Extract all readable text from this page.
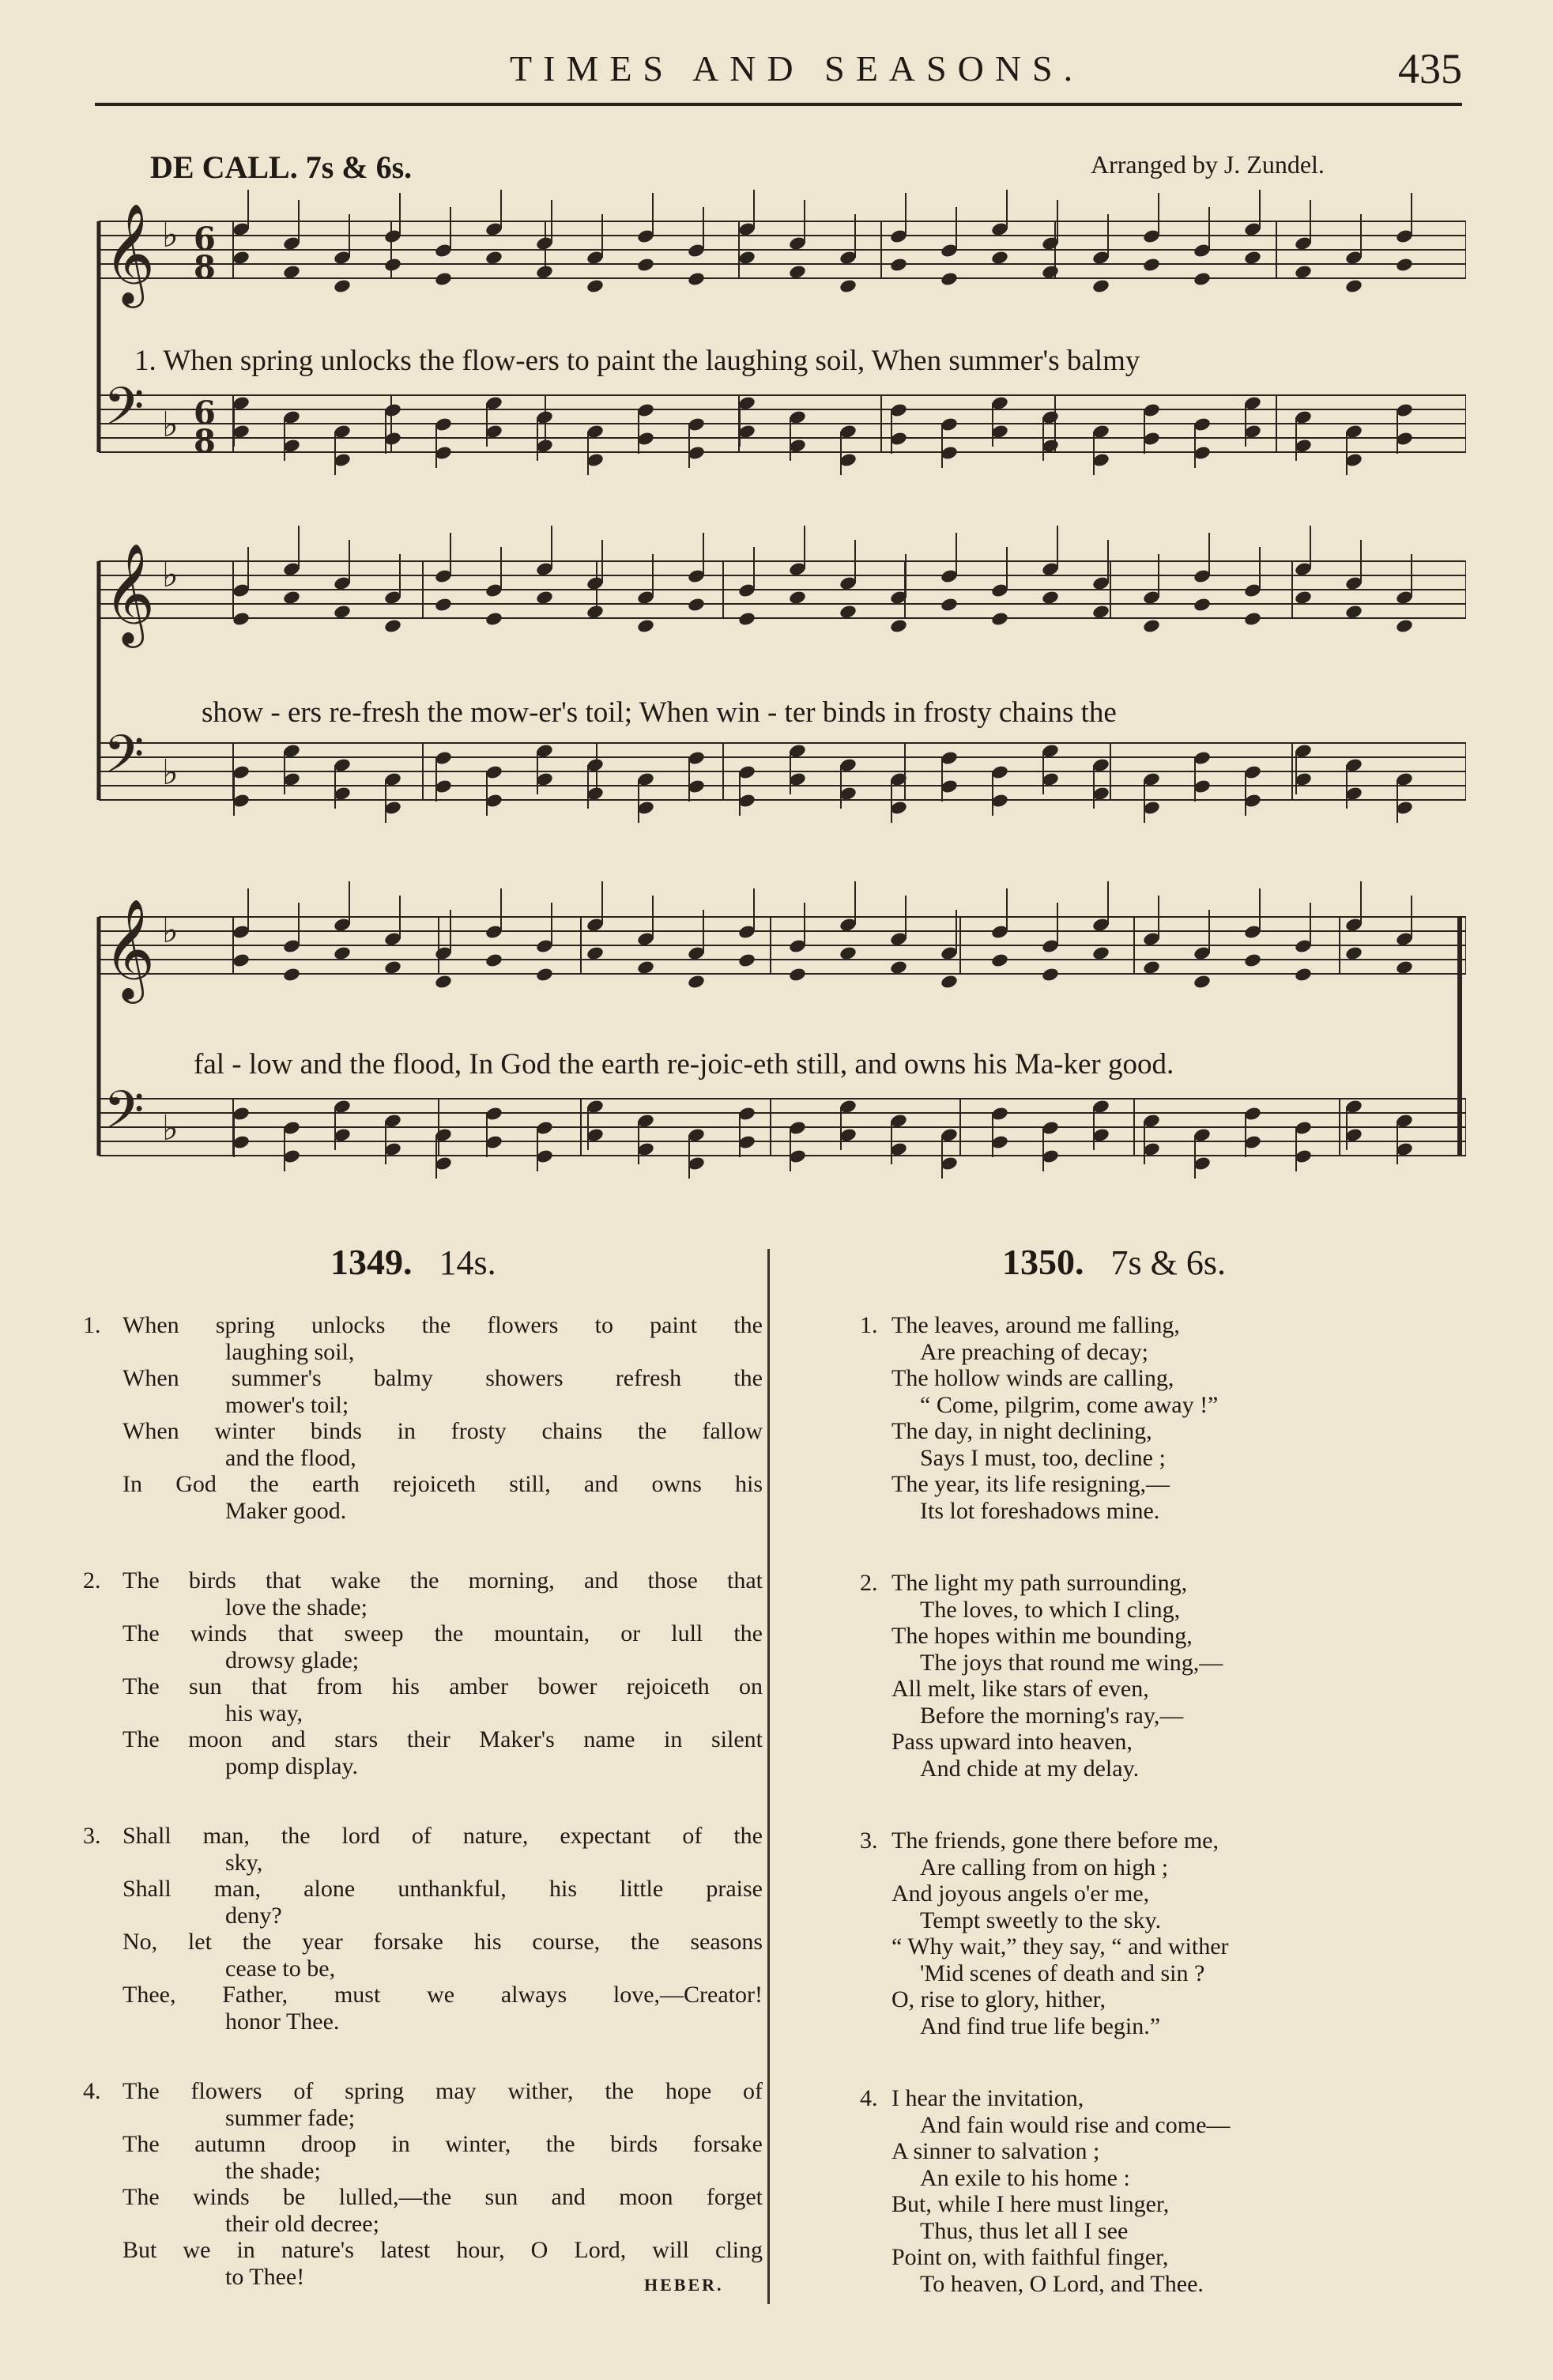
TIMES AND SEASONS.	435
DE CALL. 7s & 6s.	Arranged by J. Zundel.
𝄞 ♭
𝄢 ♭
𝄞 ♭
𝄢 ♭
𝄞 ♭
𝄢 ♭
6
8
6
8
1. When spring unlocks the flow-ers to paint the laughing soil, When summer's balmy
show - ers re-fresh the mow-er's toil; When win - ter binds in frosty chains the
fal - low and the flood, In God the earth re-joic-eth still, and owns his Ma-ker good.
1349. 14s.	1350. 7s & 6s.
1. When spring unlocks the flowers to paint the
laughing soil,
When summer's balmy showers refresh the
mower's toil;
When winter binds in frosty chains the fallow
and the flood,
In God the earth rejoiceth still, and owns his
Maker good.
2. The birds that wake the morning, and those that
love the shade;
The winds that sweep the mountain, or lull the
drowsy glade;
The sun that from his amber bower rejoiceth on
his way,
The moon and stars their Maker's name in silent
pomp display.
3. Shall man, the lord of nature, expectant of the
sky,
Shall man, alone unthankful, his little praise
deny?
No, let the year forsake his course, the seasons
cease to be,
Thee, Father, must we always love,—Creator!
honor Thee.
4. The flowers of spring may wither, the hope of
summer fade;
The autumn droop in winter, the birds forsake
the shade;
The winds be lulled,—the sun and moon forget
their old decree;
But we in nature's latest hour, O Lord, will cling
to Thee!	HEBER.
1. The leaves, around me falling,
Are preaching of decay;
The hollow winds are calling,
“ Come, pilgrim, come away !”
The day, in night declining,
Says I must, too, decline ;
The year, its life resigning,—
Its lot foreshadows mine.
2. The light my path surrounding,
The loves, to which I cling,
The hopes within me bounding,
The joys that round me wing,—
All melt, like stars of even,
Before the morning's ray,—
Pass upward into heaven,
And chide at my delay.
3. The friends, gone there before me,
Are calling from on high ;
And joyous angels o'er me,
Tempt sweetly to the sky.
“ Why wait,” they say, “ and wither
'Mid scenes of death and sin ?
O, rise to glory, hither,
And find true life begin.”
4. I hear the invitation,
And fain would rise and come—
A sinner to salvation ;
An exile to his home :
But, while I here must linger,
Thus, thus let all I see
Point on, with faithful finger,
To heaven, O Lord, and Thee.
